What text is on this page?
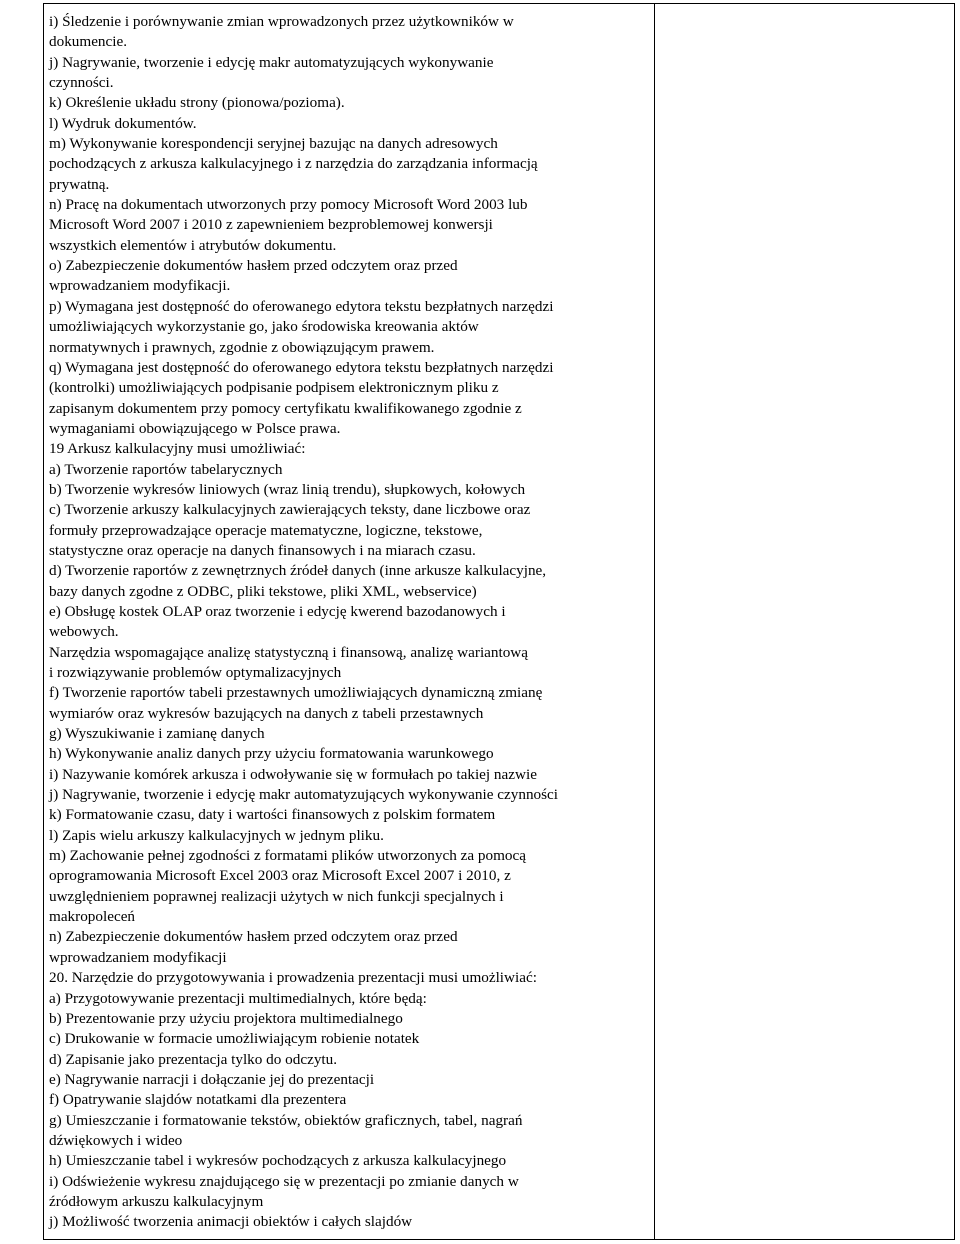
i) Śledzenie i porównywanie zmian wprowadzonych przez użytkowników w
dokumencie.
j) Nagrywanie, tworzenie i edycję makr automatyzujących wykonywanie
czynności.
k) Określenie układu strony (pionowa/pozioma).
l) Wydruk dokumentów.
m) Wykonywanie korespondencji seryjnej bazując na danych adresowych
pochodzących z arkusza kalkulacyjnego i z narzędzia do zarządzania informacją
prywatną.
n) Pracę na dokumentach utworzonych przy pomocy Microsoft Word 2003 lub
Microsoft Word 2007 i 2010 z zapewnieniem bezproblemowej konwersji
wszystkich elementów i atrybutów dokumentu.
o) Zabezpieczenie dokumentów hasłem przed odczytem oraz przed
wprowadzaniem modyfikacji.
p) Wymagana jest dostępność do oferowanego edytora tekstu bezpłatnych narzędzi
umożliwiających wykorzystanie go, jako środowiska kreowania aktów
normatywnych i prawnych, zgodnie z obowiązującym prawem.
q) Wymagana jest dostępność do oferowanego edytora tekstu bezpłatnych narzędzi
(kontrolki) umożliwiających podpisanie podpisem elektronicznym pliku z
zapisanym dokumentem przy pomocy certyfikatu kwalifikowanego zgodnie z
wymaganiami obowiązującego w Polsce prawa.
19 Arkusz kalkulacyjny musi umożliwiać:
a) Tworzenie raportów tabelarycznych
b) Tworzenie wykresów liniowych (wraz linią trendu), słupkowych, kołowych
c) Tworzenie arkuszy kalkulacyjnych zawierających teksty, dane liczbowe oraz
formuły przeprowadzające operacje matematyczne, logiczne, tekstowe,
statystyczne oraz operacje na danych finansowych i na miarach czasu.
d) Tworzenie raportów z zewnętrznych źródeł danych (inne arkusze kalkulacyjne,
bazy danych zgodne z ODBC, pliki tekstowe, pliki XML, webservice)
e) Obsługę kostek OLAP oraz tworzenie i edycję kwerend bazodanowych i
webowych.
Narzędzia wspomagające analizę statystyczną i finansową, analizę wariantową
i rozwiązywanie problemów optymalizacyjnych
f) Tworzenie raportów tabeli przestawnych umożliwiających dynamiczną zmianę
wymiarów oraz wykresów bazujących na danych z tabeli przestawnych
g) Wyszukiwanie i zamianę danych
h) Wykonywanie analiz danych przy użyciu formatowania warunkowego
i) Nazywanie komórek arkusza i odwoływanie się w formułach po takiej nazwie
j) Nagrywanie, tworzenie i edycję makr automatyzujących wykonywanie czynności
k) Formatowanie czasu, daty i wartości finansowych z polskim formatem
l) Zapis wielu arkuszy kalkulacyjnych w jednym pliku.
m) Zachowanie pełnej zgodności z formatami plików utworzonych za pomocą
oprogramowania Microsoft Excel 2003 oraz Microsoft Excel 2007 i 2010, z
uwzględnieniem poprawnej realizacji użytych w nich funkcji specjalnych i
makropoleceń
n) Zabezpieczenie dokumentów hasłem przed odczytem oraz przed
wprowadzaniem modyfikacji
20. Narzędzie do przygotowywania i prowadzenia prezentacji musi umożliwiać:
a) Przygotowywanie prezentacji multimedialnych, które będą:
b) Prezentowanie przy użyciu projektora multimedialnego
c) Drukowanie w formacie umożliwiającym robienie notatek
d) Zapisanie jako prezentacja tylko do odczytu.
e) Nagrywanie narracji i dołączanie jej do prezentacji
f) Opatrywanie slajdów notatkami dla prezentera
g) Umieszczanie i formatowanie tekstów, obiektów graficznych, tabel, nagrań
dźwiękowych i wideo
h) Umieszczanie tabel i wykresów pochodzących z arkusza kalkulacyjnego
i) Odświeżenie wykresu znajdującego się w prezentacji po zmianie danych w
źródłowym arkuszu kalkulacyjnym
j) Możliwość tworzenia animacji obiektów i całych slajdów
